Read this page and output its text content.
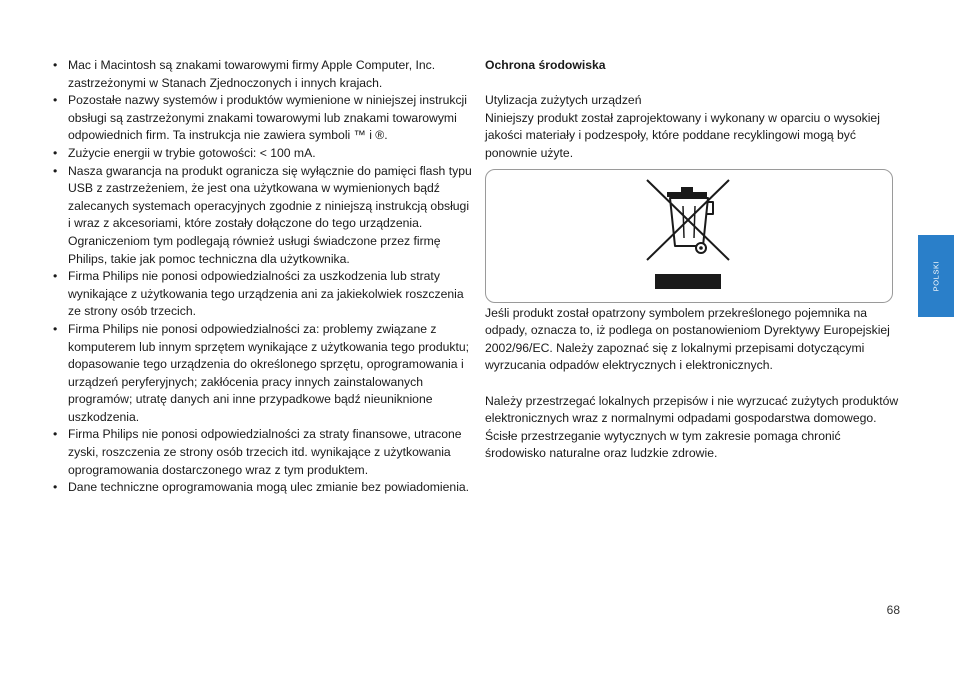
• Mac i Macintosh są znakami towarowymi firmy Apple Computer, Inc. zastrzeżonymi w Stanach Zjednoczonych i innych krajach.
• Pozostałe nazwy systemów i produktów wymienione w niniejszej instrukcji obsługi są zastrzeżonymi znakami towarowymi lub znakami towarowymi odpowiednich firm. Ta instrukcja nie zawiera symboli ™ i ®.
• Zużycie energii w trybie gotowości: < 100 mA.
• Nasza gwarancja na produkt ogranicza się wyłącznie do pamięci flash typu USB z zastrzeżeniem, że jest ona użytkowana w wymienionych bądź zalecanych systemach operacyjnych zgodnie z niniejszą instrukcją obsługi i wraz z akcesoriami, które zostały dołączone do tego urządzenia. Ograniczeniom tym podlegają również usługi świadczone przez firmę Philips, takie jak pomoc techniczna dla użytkownika.
• Firma Philips nie ponosi odpowiedzialności za uszkodzenia lub straty wynikające z użytkowania tego urządzenia ani za jakiekolwiek roszczenia ze strony osób trzecich.
• Firma Philips nie ponosi odpowiedzialności za: problemy związane z komputerem lub innym sprzętem wynikające z użytkowania tego produktu; dopasowanie tego urządzenia do określonego sprzętu, oprogramowania i urządzeń peryferyjnych; zakłócenia pracy innych zainstalowanych programów; utratę danych ani inne przypadkowe bądź nieuniknione uszkodzenia.
• Firma Philips nie ponosi odpowiedzialności za straty finansowe, utracone zyski, roszczenia ze strony osób trzecich itd. wynikające z użytkowania oprogramowania dostarczonego wraz z tym produktem.
• Dane techniczne oprogramowania mogą ulec zmianie bez powiadomienia.

Ochrona środowiska

Utylizacja zużytych urządzeń

Niniejszy produkt został zaprojektowany i wykonany w oparciu o wysokiej jakości materiały i podzespoły, które poddane recyklingowi mogą być ponownie użyte.

Jeśli produkt został opatrzony symbolem przekreślonego pojemnika na odpady, oznacza to, iż podlega on postanowieniom Dyrektywy Europejskiej 2002/96/EC. Należy zapoznać się z lokalnymi przepisami dotyczącymi wyrzucania odpadów elektrycznych i elektronicznych.

Należy przestrzegać lokalnych przepisów i nie wyrzucać zużytych produktów elektronicznych wraz z normalnymi odpadami gospodarstwa domowego. Ścisłe przestrzeganie wytycznych w tym zakresie pomaga chronić środowisko naturalne oraz ludzkie zdrowie.

POLSKI
68
